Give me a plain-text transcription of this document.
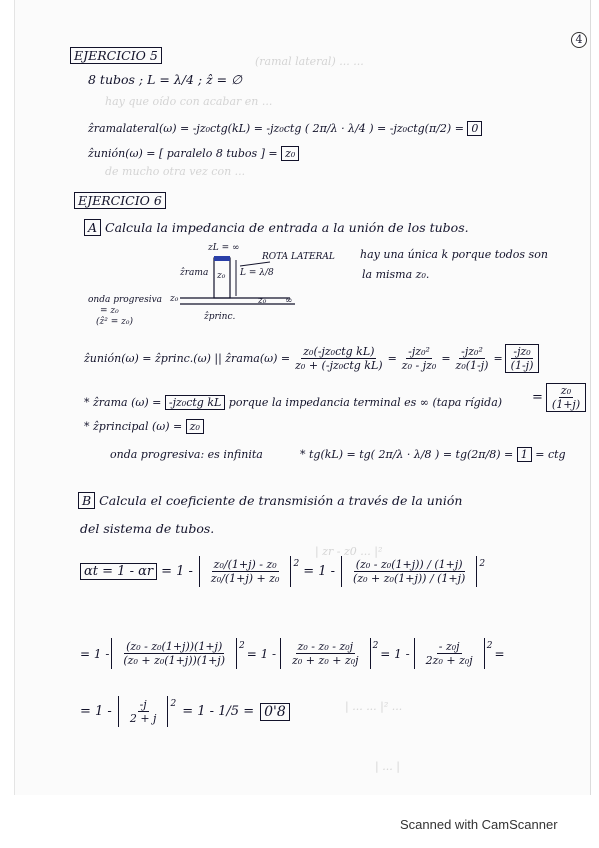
hay que oído con acabar en ...
de mucho otra vez con ...
(ramal lateral) ... ...
| zr - z0 ... |²
| ... ... |² ...
| ... |
4
EJERCICIO 5
8 tubos ; L = λ/4 ; ẑ = ∅
ẑramalateral(ω) = -jz₀ctg(kL) = -jz₀ctg ( 2π/λ · λ/4 ) = -jz₀ctg(π/2) = 0
ẑunión(ω) = [ paralelo 8 tubos ] = z₀
EJERCICIO 6
A Calcula la impedancia de entrada a la unión de los tubos.
hay una única k porque todos son
la misma z₀.
zL = ∞
ROTA LATERAL
L = λ/8
ẑrama z₀
onda progresiva
= z₀
(ẑ² = z₀)
z₀	z₀ ∞
ẑprinc.
ẑunión(ω) = ẑprinc.(ω) || ẑrama(ω) = $\frac{\text{z₀(-jz₀ctg kL)}}{\text{z₀ + (-jz₀ctg kL)}} = \frac{\text{-jz₀²}}{\text{z₀ - jz₀}} = \frac{\text{-jz₀²}}{\text{z₀(1-j)}} = \frac{\text{-jz₀}}{(1-j)}$
= $\frac{\text{z₀}}{(1+j)}$
* ẑrama (ω) = -jz₀ctg kL porque la impedancia terminal es ∞ (tapa rígida)
* ẑprincipal (ω) = z₀
onda progresiva: es infinita	* tg(kL) = tg( 2π/λ · λ/8 ) = tg(2π/8) = 1 = ctg
B Calcula el coeficiente de transmisión a través de la unión
del sistema de tubos.
$\alpha t = 1 - \alpha r = 1 - \frac{\text{z₀/(1+j) - z₀}}{\text{z₀/(1+j) + z₀}} 2$
= $1 - \frac{\text{(z₀ - z₀(1+j)) / (1+j)}}{\text{(z₀ + z₀(1+j)) / (1+j)}} 2$
= $1 - \frac{\text{(z₀ - z₀(1+j))(1+j)}}{\text{(z₀ + z₀(1+j))(1+j)}} 2$
= $1 - \frac{\text{z₀ - z₀ - z₀j}}{\text{z₀ + z₀ + z₀j}} 2$
= $1 - \frac{\text{- z₀j}}{\text{2z₀ + z₀j}} 2$
=
= $1 - \frac{-j}{2 + j} 2$
= 1 - 1/5 = 0'8
Scanned with CamScanner
